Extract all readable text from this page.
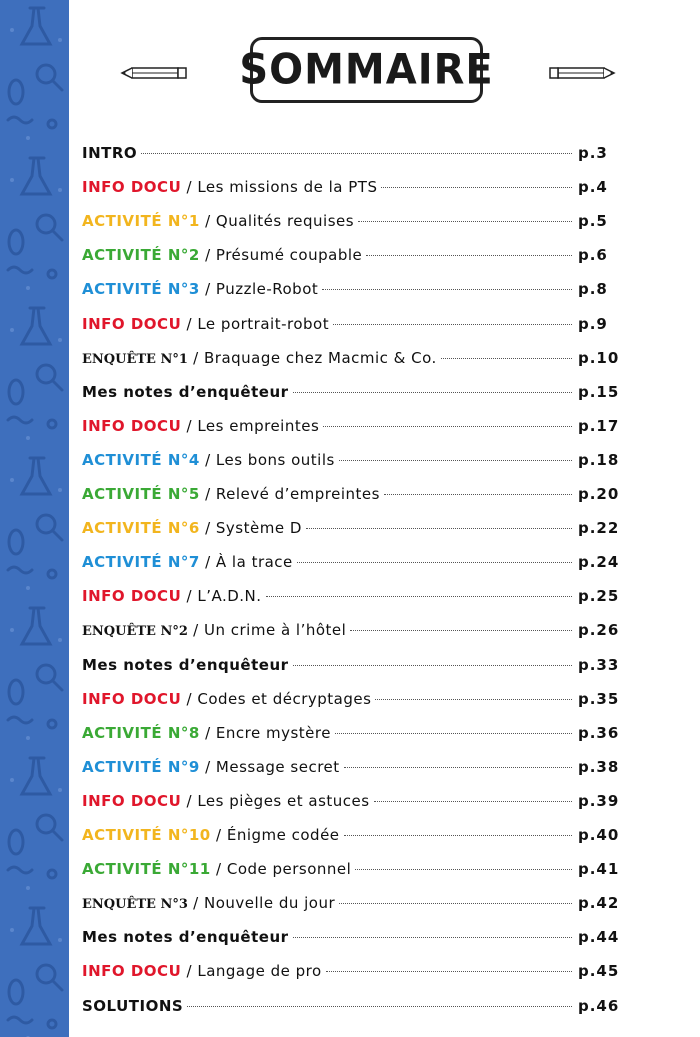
SOMMAIRE
INTRO	p.3
INFO DOCU / Les missions de la PTS	p.4
ACTIVITÉ N°1 / Qualités requises	p.5
ACTIVITÉ N°2 / Présumé coupable	p.6
ACTIVITÉ N°3 / Puzzle-Robot	p.8
INFO DOCU / Le portrait-robot	p.9
ENQUÊTE N°1 / Braquage chez Macmic & Co.	p.10
Mes notes d’enquêteur	p.15
INFO DOCU / Les empreintes	p.17
ACTIVITÉ N°4 / Les bons outils	p.18
ACTIVITÉ N°5 / Relevé d’empreintes	p.20
ACTIVITÉ N°6 / Système D	p.22
ACTIVITÉ N°7 / À la trace	p.24
INFO DOCU / L’A.D.N.	p.25
ENQUÊTE N°2 / Un crime à l’hôtel	p.26
Mes notes d’enquêteur	p.33
INFO DOCU / Codes et décryptages	p.35
ACTIVITÉ N°8 / Encre mystère	p.36
ACTIVITÉ N°9 / Message secret	p.38
INFO DOCU / Les pièges et astuces	p.39
ACTIVITÉ N°10 / Énigme codée	p.40
ACTIVITÉ N°11 / Code personnel	p.41
ENQUÊTE N°3 / Nouvelle du jour	p.42
Mes notes d’enquêteur	p.44
INFO DOCU / Langage de pro	p.45
SOLUTIONS	p.46
